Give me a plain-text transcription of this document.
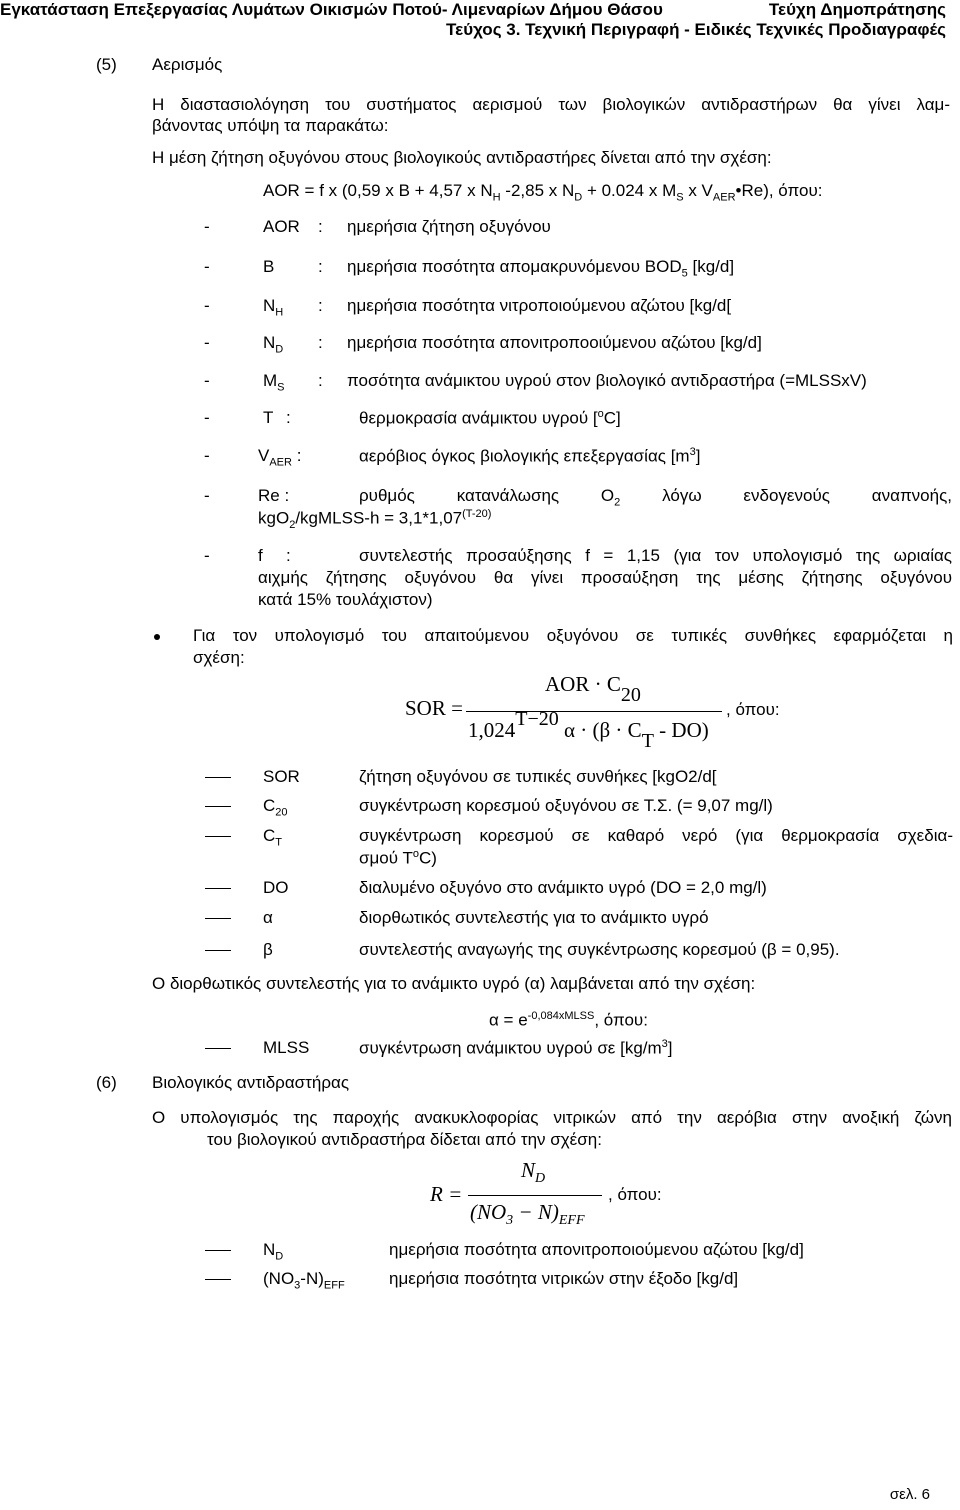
Εγκατάσταση Επεξεργασίας Λυμάτων Οικισμών Ποτού- Λιμεναρίων Δήμου Θάσου	Τεύχη Δημοπράτησης
Τεύχος 3. Τεχνική Περιγραφή - Ειδικές Τεχνικές Προδιαγραφές
(5) Αερισμός
Η διαστασιολόγηση του συστήματος αερισμού των βιολογικών αντιδραστήρων θα γίνει λαμ-
βάνοντας υπόψη τα παρακάτω:
Η μέση ζήτηση οξυγόνου στους βιολογικούς αντιδραστήρες δίνεται από την σχέση:
AOR = f x (0,59 x B + 4,57 x $N_H$ -2,85 x $N_D + 0.024$ x $M_S$ x $V_{AER}•Re$), όπου:
-	AOR : ημερήσια ζήτηση οξυγόνου
-	B	: ημερήσια ποσότητα απομακρυνόμενου $BOD_5$ [kg/d]
-	$N_H$ : ημερήσια ποσότητα νιτροποιούμενου αζώτου [kg/d[
-	$N_D$ : ημερήσια ποσότητα απονιτροποοιύμενου αζώτου [kg/d]
-	$M_S$ : ποσότητα ανάμικτου υγρού στον βιολογικό αντιδραστήρα (=MLSSxV)
-	T :	θερμοκρασία ανάμικτου υγρού [$^o$C]
-	$V_{AER}$ :	αερόβιος όγκος βιολογικής επεξεργασίας $[m^3]$
-	Re :	ρυθμός κατανάλωσης $O_2$ λόγω ενδογενούς αναπνοής,
kgO$_2$/kgMLSS-h = $3,1*1,07^{(T-20)}$
-	f :	συντελεστής προσαύξησης f = 1,15 (για τον υπολογισμό της ωριαίας
αιχμής ζήτησης οξυγόνου θα γίνει προσαύξηση της μέσης ζήτησης οξυγόνου
κατά 15% τουλάχιστον)
Για τον υπολογισμό του απαιτούμενου οξυγόνου σε τυπικές συνθήκες εφαρμόζεται η
σχέση:
SOR =
AOR · C20
1,024T−20 α · (β · CT - DO)
, όπου:
SOR	ζήτηση οξυγόνου σε τυπικές συνθήκες [kgO2/d[
$C_{20}$	συγκέντρωση κορεσμού οξυγόνου σε Τ.Σ. (= 9,07 mg/l)
$C_T$	συγκέντρωση κορεσμού σε καθαρό νερό (για θερμοκρασία σχεδια-
σμού $T^oC$)
DO	διαλυμένο οξυγόνο στο ανάμικτο υγρό (DO = 2,0 mg/l)
α	διορθωτικός συντελεστής για το ανάμικτο υγρό
β	συντελεστής αναγωγής της συγκέντρωσης κορεσμού (β = 0,95).
Ο διορθωτικός συντελεστής για το ανάμικτο υγρό (α) λαμβάνεται από την σχέση:
$\alpha = e^{-0,084xMLSS}$, όπου:
MLSS	συγκέντρωση ανάμικτου υγρού σε $[kg/m^3]$
(6) Βιολογικός αντιδραστήρας
Ο υπολογισμός της παροχής ανακυκλοφορίας νιτρικών από την αερόβια στην ανοξική ζώνη
του βιολογικού αντιδραστήρα δίδεται από την σχέση:
R =
$N_D$
$(NO_3 - N)_{EFF}$
, όπου:
$N_D$	ημερήσια ποσότητα απονιτροποιούμενου αζώτου [kg/d]
$(NO_3-N)_{EFF}$	ημερήσια ποσότητα νιτρικών στην έξοδο [kg/d]
σελ. 6
